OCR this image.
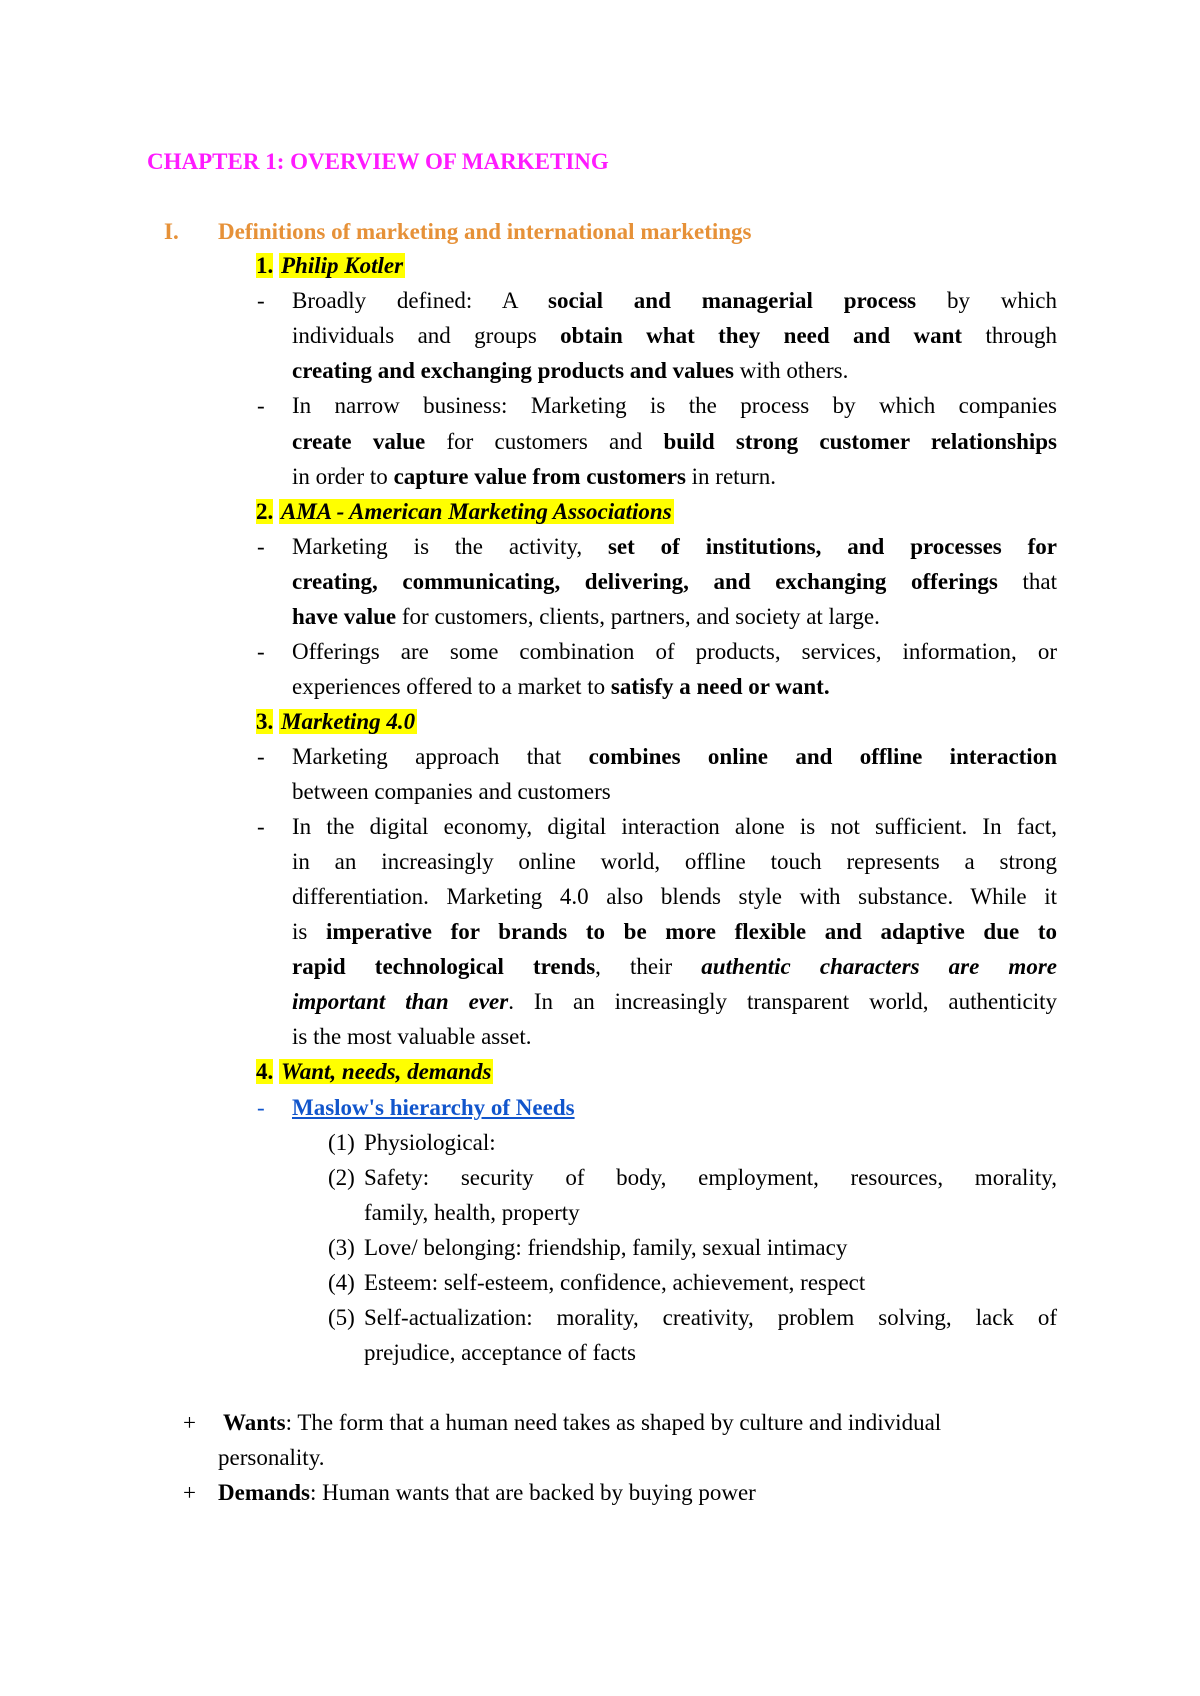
CHAPTER 1: OVERVIEW OF MARKETING
I. Definitions of marketing and international marketings
1. Philip Kotler
-	Broadly defined: A social and managerial process by which
individuals and groups obtain what they need and want through
creating and exchanging products and values with others.
-	In narrow business: Marketing is the process by which companies
create value for customers and build strong customer relationships
in order to capture value from customers in return.
2. AMA - American Marketing Associations
-	Marketing is the activity, set of institutions, and processes for
creating, communicating, delivering, and exchanging offerings that
have value for customers, clients, partners, and society at large.
-	Offerings are some combination of products, services, information, or
experiences offered to a market to satisfy a need or want.
3. Marketing 4.0
-	Marketing approach that combines online and offline interaction
between companies and customers
-	In the digital economy, digital interaction alone is not sufficient. In fact,
in an increasingly online world, offline touch represents a strong
differentiation. Marketing 4.0 also blends style with substance. While it
is imperative for brands to be more flexible and adaptive due to
rapid technological trends, their authentic characters are more
important than ever. In an increasingly transparent world, authenticity
is the most valuable asset.
4. Want, needs, demands
-	Maslow's hierarchy of Needs
(1) Physiological:
(2) Safety: security of body, employment, resources, morality,
family, health, property
(3) Love/ belonging: friendship, family, sexual intimacy
(4) Esteem: self-esteem, confidence, achievement, respect
(5) Self-actualization: morality, creativity, problem solving, lack of
prejudice, acceptance of facts
+ Wants: The form that a human need takes as shaped by culture and individual
personality.
+ Demands: Human wants that are backed by buying power
